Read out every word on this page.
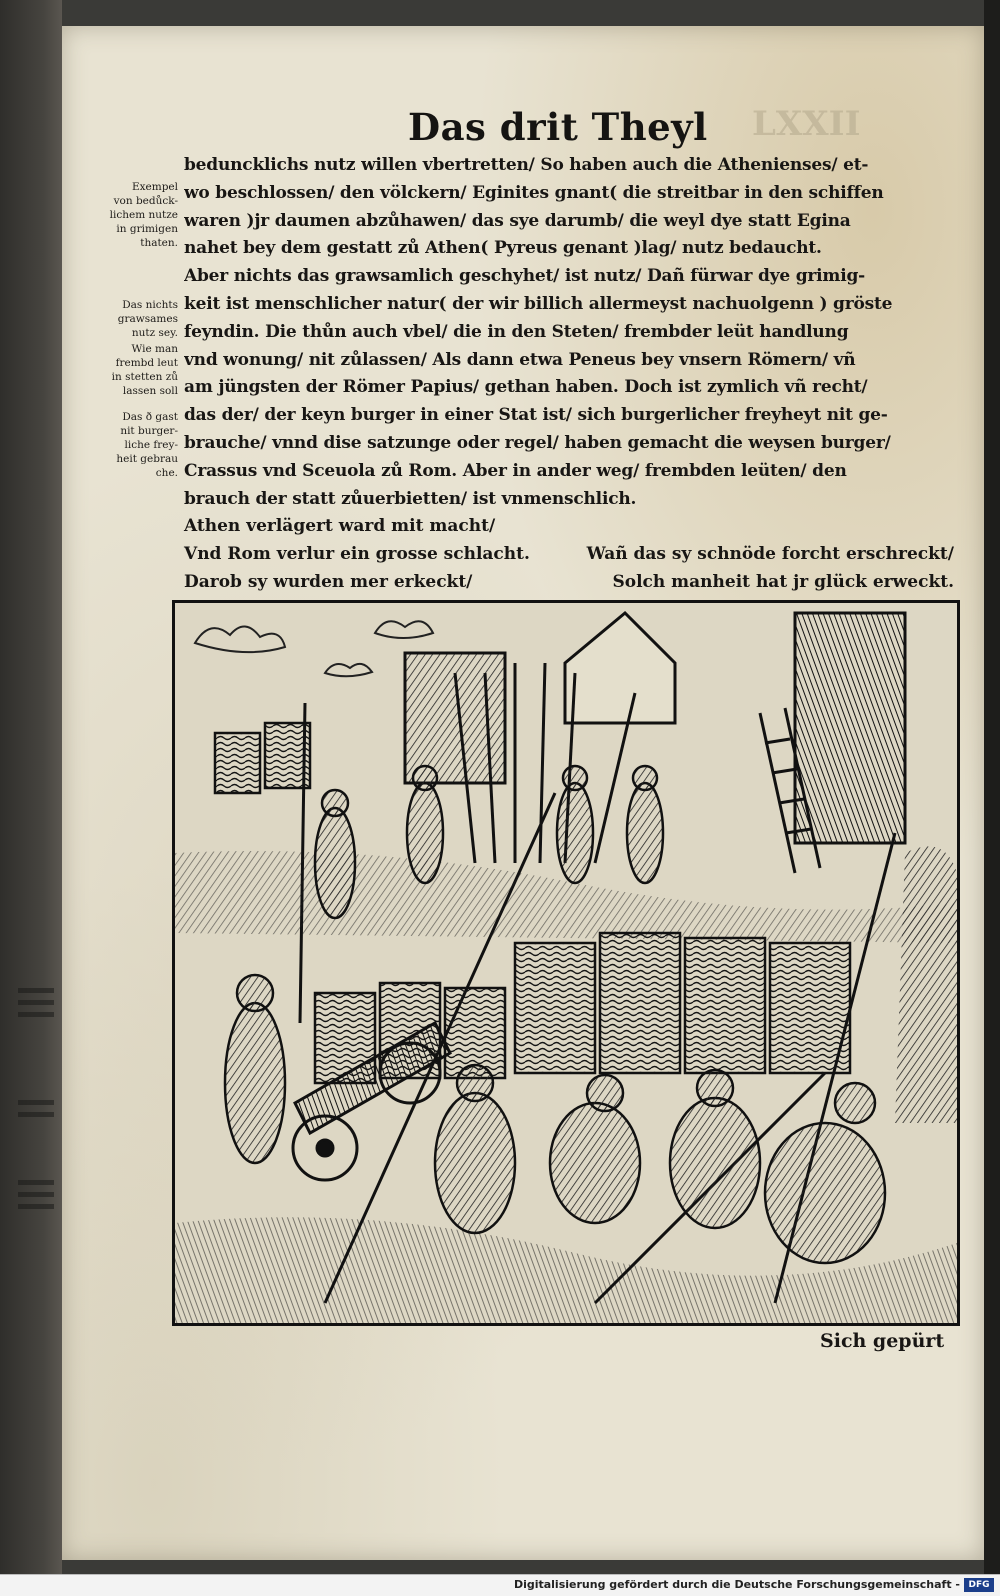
Das drit Theyl	LXXII
Exempel
von bedůck-
lichem nutze
in grimigen
thaten.
Das nichts
grawsames
nutz sey.
Wie man
frembd leut
in stetten zů
lassen soll
Das ð gast
nit burger-
liche frey-
heit gebrau
che.
beduncklichs nutz willen vbertretten/ So haben auch die Athenienses/ et-
wo beschlossen/ den völckern/ Eginites gnant( die streitbar in den schiffen
waren )jr daumen abzůhawen/ das sye darumb/ die weyl dye statt Egina
nahet bey dem gestatt zů Athen( Pyreus genant )lag/ nutz bedaucht.
Aber nichts das grawsamlich geschyhet/ ist nutz/ Dañ fürwar dye grimig-
keit ist menschlicher natur( der wir billich allermeyst nachuolgenn ) gröste
feyndin. Die thůn auch vbel/ die in den Steten/ frembder leüt handlung
vnd wonung/ nit zůlassen/ Als dann etwa Peneus bey vnsern Römern/ vñ
am jüngsten der Römer Papius/ gethan haben. Doch ist zymlich vñ recht/
das der/ der keyn burger in einer Stat ist/ sich burgerlicher freyheyt nit ge-
brauche/ vnnd dise satzunge oder regel/ haben gemacht die weysen burger/
Crassus vnd Sceuola zů Rom. Aber in ander weg/ frembden leüten/ den
brauch der statt zůuerbietten/ ist vnmenschlich.
Athen verlägert ward mit macht/
Vnd Rom verlur ein grosse schlacht.	Wañ das sy schnöde forcht erschreckt/
Darob sy wurden mer erkeckt/	Solch manheit hat jr glück erweckt.
Sich gepürt
Digitalisierung gefördert durch die Deutsche Forschungsgemeinschaft - DFG
